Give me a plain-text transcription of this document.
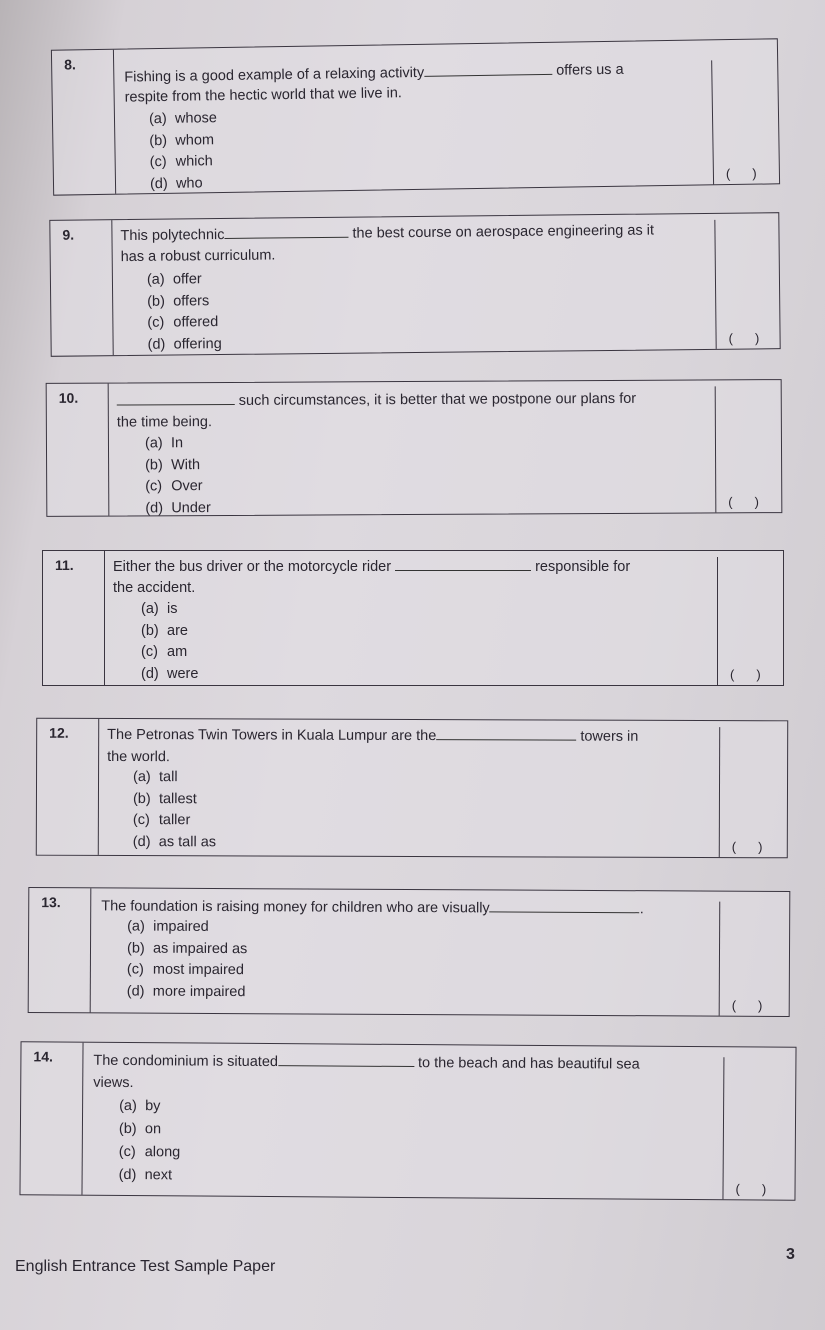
8.
Fishing is a good example of a relaxing activity	offers us a
respite from the hectic world that we live in.
(a) whose
(b) whom
(c) which
(d) who
( )
9.	This polytechnic	the best course on aerospace engineering as it
has a robust curriculum.
(a) offer
(b) offers
(c) offered
(d) offering	( )
10.	such circumstances, it is better that we postpone our plans for
the time being.
(a) In
(b) With
(c) Over
(d) Under	( )
11.	Either the bus driver or the motorcycle rider	responsible for
the accident.
(a) is
(b) are
(c) am
(d) were	( )
12.	The Petronas Twin Towers in Kuala Lumpur are the	towers in
the world.
(a) tall
(b) tallest
(c) taller
(d) as tall as	( )
13.	The foundation is raising money for children who are visually	.
(a) impaired
(b) as impaired as
(c) most impaired
(d) more impaired
( )
14.	The condominium is situated	to the beach and has beautiful sea
views.
(a) by
(b) on
(c) along
(d) next
( )
English Entrance Test Sample Paper
3
